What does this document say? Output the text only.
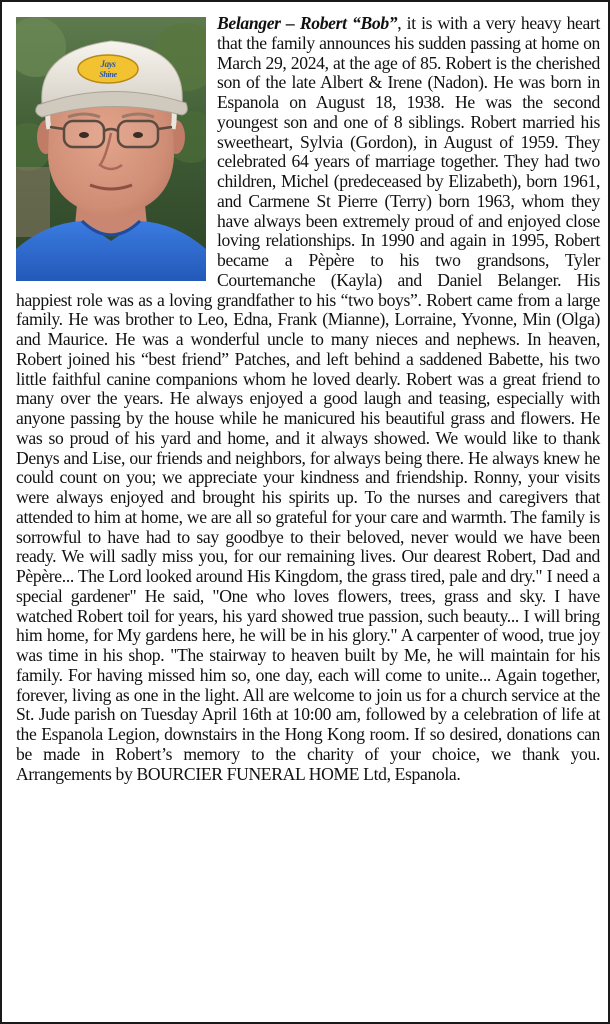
Jays
Shine
Belanger – Robert “Bob”, it is with a very heavy heart that the family announces his sudden passing at home on March 29, 2024, at the age of 85. Robert is the cherished son of the late Albert & Irene (Nadon). He was born in Espanola on August 18, 1938. He was the second youngest son and one of 8 siblings. Robert married his sweetheart, Sylvia (Gordon), in August of 1959. They celebrated 64 years of marriage together. They had two children, Michel (predeceased by Elizabeth), born 1961, and Carmene St Pierre (Terry) born 1963, whom they have always been extremely proud of and enjoyed close loving relationships. In 1990 and again in 1995, Robert became a Pèpère to his two grandsons, Tyler Courtemanche (Kayla) and Daniel Belanger. His happiest role was as a loving grandfather to his “two boys”. Robert came from a large family. He was brother to Leo, Edna, Frank (Mianne), Lorraine, Yvonne, Min (Olga) and Maurice. He was a wonderful uncle to many nieces and nephews. In heaven, Robert joined his “best friend” Patches, and left behind a saddened Babette, his two little faithful canine companions whom he loved dearly. Robert was a great friend to many over the years. He always enjoyed a good laugh and teasing, especially with anyone passing by the house while he manicured his beautiful grass and flowers. He was so proud of his yard and home, and it always showed. We would like to thank Denys and Lise, our friends and neighbors, for always being there. He always knew he could count on you; we appreciate your kindness and friendship. Ronny, your visits were always enjoyed and brought his spirits up. To the nurses and caregivers that attended to him at home, we are all so grateful for your care and warmth. The family is sorrowful to have had to say goodbye to their beloved, never would we have been ready. We will sadly miss you, for our remaining lives. Our dearest Robert, Dad and Pèpère... The Lord looked around His Kingdom, the grass tired, pale and dry." I need a special gardener" He said, "One who loves flowers, trees, grass and sky. I have watched Robert toil for years, his yard showed true passion, such beauty... I will bring him home, for My gardens here, he will be in his glory." A carpenter of wood, true joy was time in his shop. "The stairway to heaven built by Me, he will maintain for his family. For having missed him so, one day, each will come to unite... Again together, forever, living as one in the light. All are welcome to join us for a church service at the St. Jude parish on Tuesday April 16th at 10:00 am, followed by a celebration of life at the Espanola Legion, downstairs in the Hong Kong room. If so desired, donations can be made in Robert’s memory to the charity of your choice, we thank you. Arrangements by BOURCIER FUNERAL HOME Ltd, Espanola.
